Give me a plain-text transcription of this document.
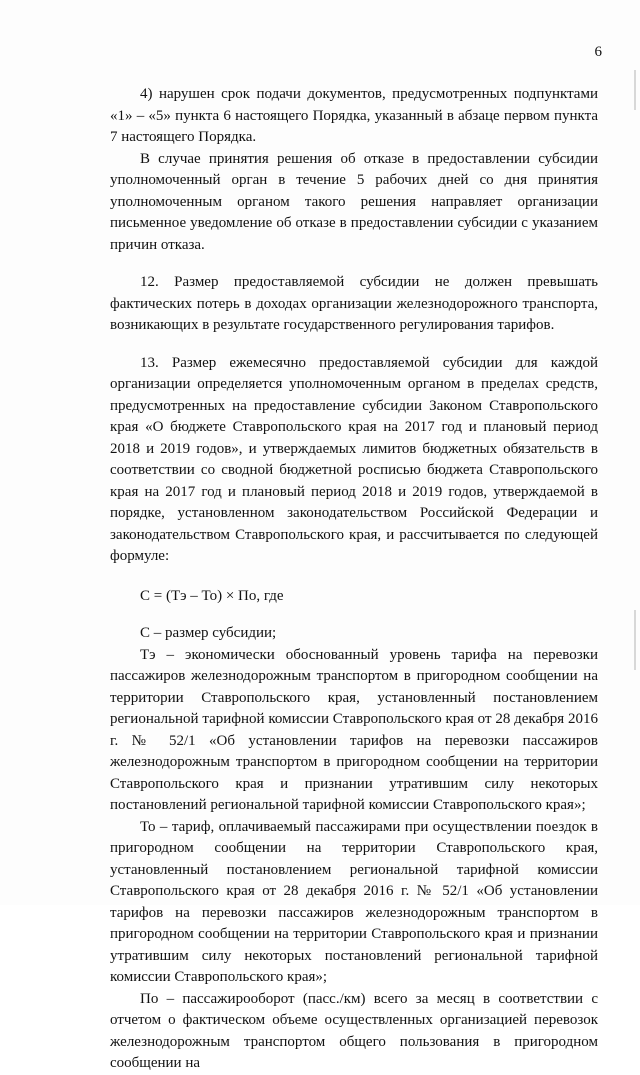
6

4) нарушен срок подачи документов, предусмотренных подпунктами «1» – «5» пункта 6 настоящего Порядка, указанный в абзаце первом пункта 7 настоящего Порядка.

В случае принятия решения об отказе в предоставлении субсидии уполномоченный орган в течение 5 рабочих дней со дня принятия уполномоченным органом такого решения направляет организации письменное уведомление об отказе в предоставлении субсидии с указанием причин отказа.

12. Размер предоставляемой субсидии не должен превышать фактических потерь в доходах организации железнодорожного транспорта, возникающих в результате государственного регулирования тарифов.

13. Размер ежемесячно предоставляемой субсидии для каждой организации определяется уполномоченным органом в пределах средств, предусмотренных на предоставление субсидии Законом Ставропольского края «О бюджете Ставропольского края на 2017 год и плановый период 2018 и 2019 годов», и утверждаемых лимитов бюджетных обязательств в соответствии со сводной бюджетной росписью бюджета Ставропольского края на 2017 год и плановый период 2018 и 2019 годов, утверждаемой в порядке, установленном законодательством Российской Федерации и законодательством Ставропольского края, и рассчитывается по следующей формуле:

С = (Тэ – То) × По, где

С – размер субсидии;

Тэ – экономически обоснованный уровень тарифа на перевозки пассажиров железнодорожным транспортом в пригородном сообщении на территории Ставропольского края, установленный постановлением региональной тарифной комиссии Ставропольского края от 28 декабря 2016 г. № 52/1 «Об установлении тарифов на перевозки пассажиров железнодорожным транспортом в пригородном сообщении на территории Ставропольского края и признании утратившим силу некоторых постановлений региональной тарифной комиссии Ставропольского края»;

То – тариф, оплачиваемый пассажирами при осуществлении поездок в пригородном сообщении на территории Ставропольского края, установленный постановлением региональной тарифной комиссии Ставропольского края от 28 декабря 2016 г. № 52/1 «Об установлении тарифов на перевозки пассажиров железнодорожным транспортом в пригородном сообщении на территории Ставропольского края и признании утратившим силу некоторых постановлений региональной тарифной комиссии Ставропольского края»;

По – пассажирооборот (пасс./км) всего за месяц в соответствии с отчетом о фактическом объеме осуществленных организацией перевозок железнодорожным транспортом общего пользования в пригородном сообщении на
